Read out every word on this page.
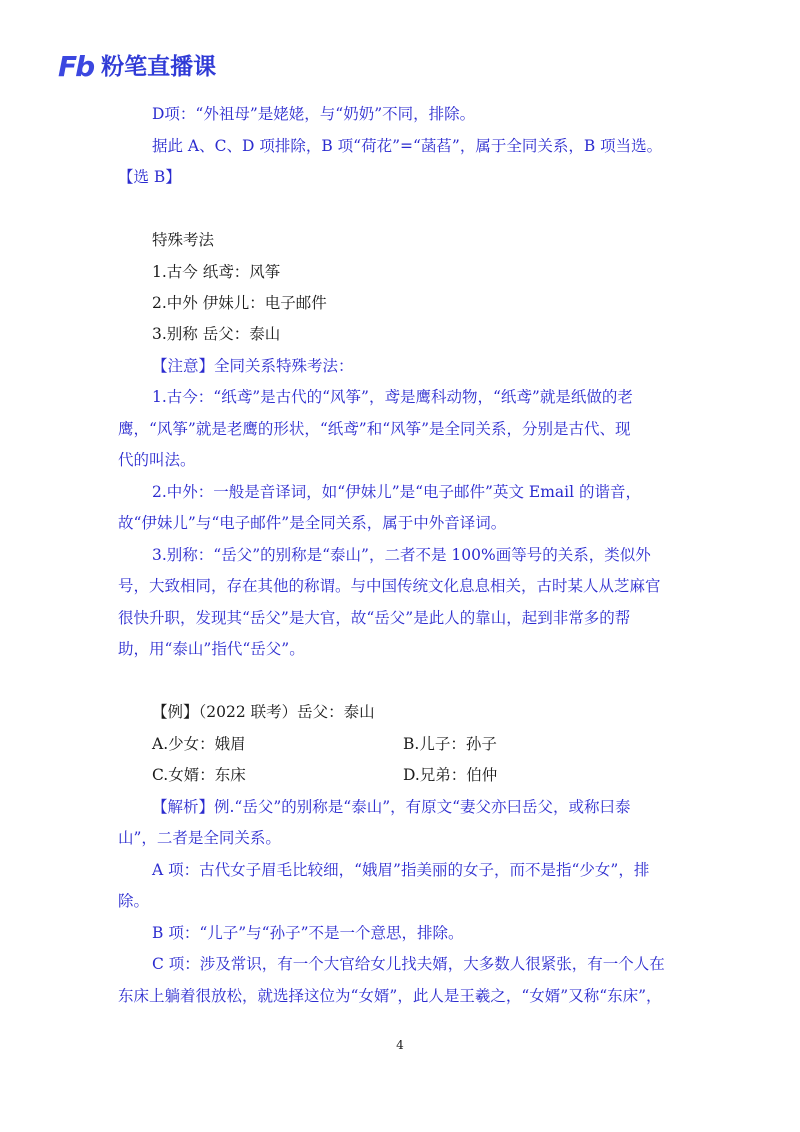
Fb 粉笔直播课
D项：“外祖母”是姥姥，与“奶奶”不同，排除。
据此 A、C、D 项排除，B 项“荷花”=“菡萏”，属于全同关系，B 项当选。
【选 B】
特殊考法
1.古今 纸鸢：风筝
2.中外 伊妹儿：电子邮件
3.别称 岳父：泰山
【注意】全同关系特殊考法：
1.古今：“纸鸢”是古代的“风筝”，鸢是鹰科动物，“纸鸢”就是纸做的老
鹰，“风筝”就是老鹰的形状，“纸鸢”和“风筝”是全同关系，分别是古代、现
代的叫法。
2.中外：一般是音译词，如“伊妹儿”是“电子邮件”英文 Email 的谐音，
故“伊妹儿”与“电子邮件”是全同关系，属于中外音译词。
3.别称：“岳父”的别称是“泰山”，二者不是 100%画等号的关系，类似外
号，大致相同，存在其他的称谓。与中国传统文化息息相关，古时某人从芝麻官
很快升职，发现其“岳父”是大官，故“岳父”是此人的靠山，起到非常多的帮
助，用“泰山”指代“岳父”。
【例】（2022 联考）岳父：泰山
A.少女：娥眉	B.儿子：孙子
C.女婿：东床	D.兄弟：伯仲
【解析】例.“岳父”的别称是“泰山”，有原文“妻父亦曰岳父，或称曰泰
山”，二者是全同关系。
A 项：古代女子眉毛比较细，“娥眉”指美丽的女子，而不是指“少女”，排
除。
B 项：“儿子”与“孙子”不是一个意思，排除。
C 项：涉及常识，有一个大官给女儿找夫婿，大多数人很紧张，有一个人在
东床上躺着很放松，就选择这位为“女婿”，此人是王羲之，“女婿”又称“东床”，
4
